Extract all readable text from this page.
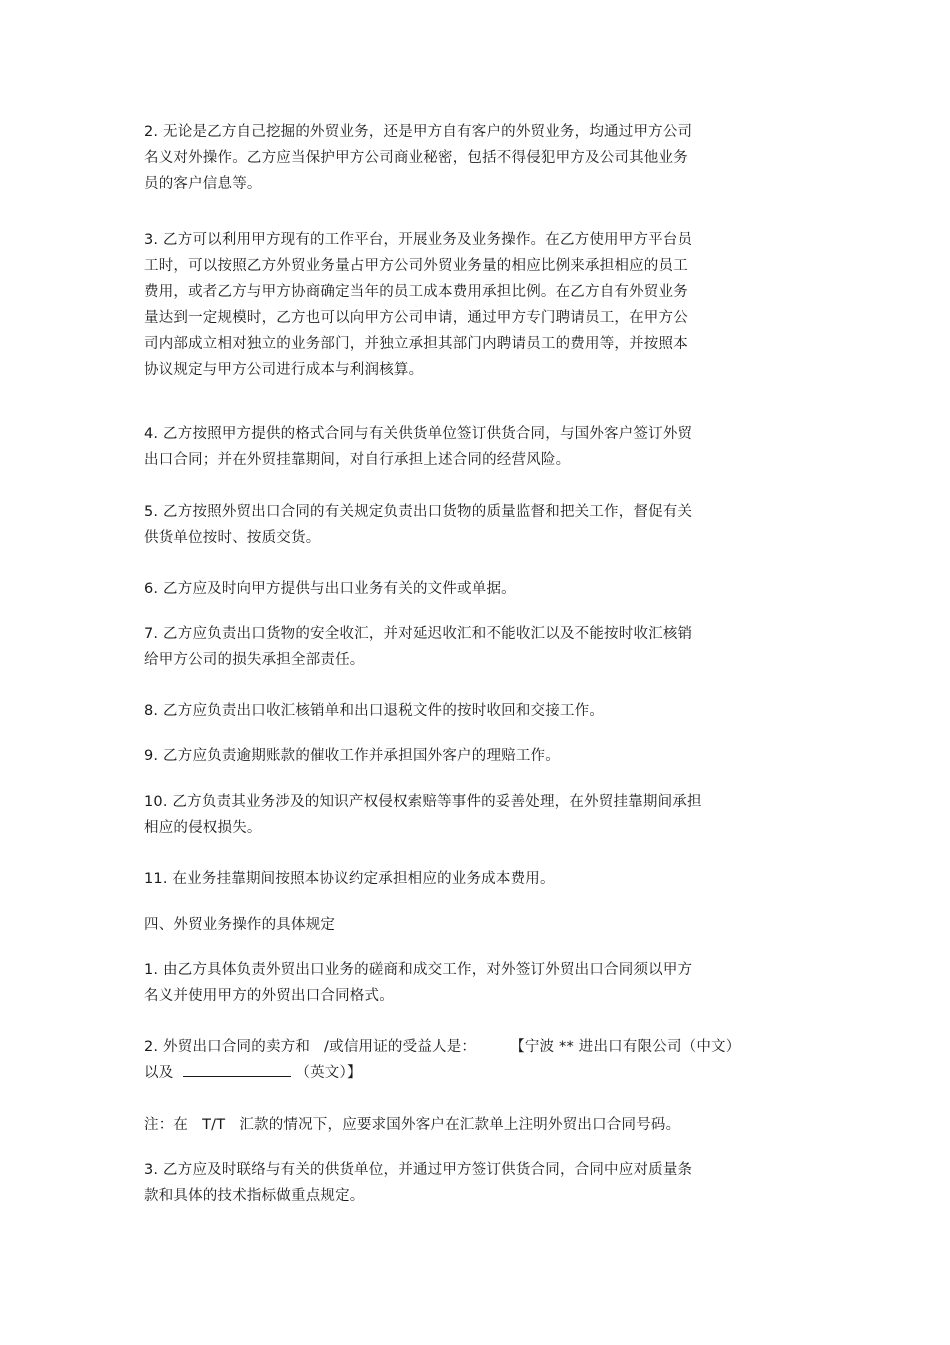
2. 无论是乙方自己挖掘的外贸业务，还是甲方自有客户的外贸业务，均通过甲方公司
名义对外操作。乙方应当保护甲方公司商业秘密，包括不得侵犯甲方及公司其他业务
员的客户信息等。

3. 乙方可以利用甲方现有的工作平台，开展业务及业务操作。在乙方使用甲方平台员
工时，可以按照乙方外贸业务量占甲方公司外贸业务量的相应比例来承担相应的员工
费用，或者乙方与甲方协商确定当年的员工成本费用承担比例。在乙方自有外贸业务
量达到一定规模时，乙方也可以向甲方公司申请，通过甲方专门聘请员工，在甲方公
司内部成立相对独立的业务部门，并独立承担其部门内聘请员工的费用等，并按照本
协议规定与甲方公司进行成本与利润核算。

4. 乙方按照甲方提供的格式合同与有关供货单位签订供货合同，与国外客户签订外贸
出口合同；并在外贸挂靠期间，对自行承担上述合同的经营风险。

5. 乙方按照外贸出口合同的有关规定负责出口货物的质量监督和把关工作，督促有关
供货单位按时、按质交货。

6. 乙方应及时向甲方提供与出口业务有关的文件或单据。

7. 乙方应负责出口货物的安全收汇，并对延迟收汇和不能收汇以及不能按时收汇核销
给甲方公司的损失承担全部责任。

8. 乙方应负责出口收汇核销单和出口退税文件的按时收回和交接工作。

9. 乙方应负责逾期账款的催收工作并承担国外客户的理赔工作。

10. 乙方负责其业务涉及的知识产权侵权索赔等事件的妥善处理，在外贸挂靠期间承担
相应的侵权损失。

11. 在业务挂靠期间按照本协议约定承担相应的业务成本费用。

四、外贸业务操作的具体规定

1. 由乙方具体负责外贸出口业务的磋商和成交工作，对外签订外贸出口合同须以甲方
名义并使用甲方的外贸出口合同格式。

2. 外贸出口合同的卖方和 /或信用证的受益人是： 【宁波 ** 进出口有限公司（中文）
以及	（英文）】

注：在 T/T 汇款的情况下，应要求国外客户在汇款单上注明外贸出口合同号码。

3. 乙方应及时联络与有关的供货单位，并通过甲方签订供货合同，合同中应对质量条
款和具体的技术指标做重点规定。
